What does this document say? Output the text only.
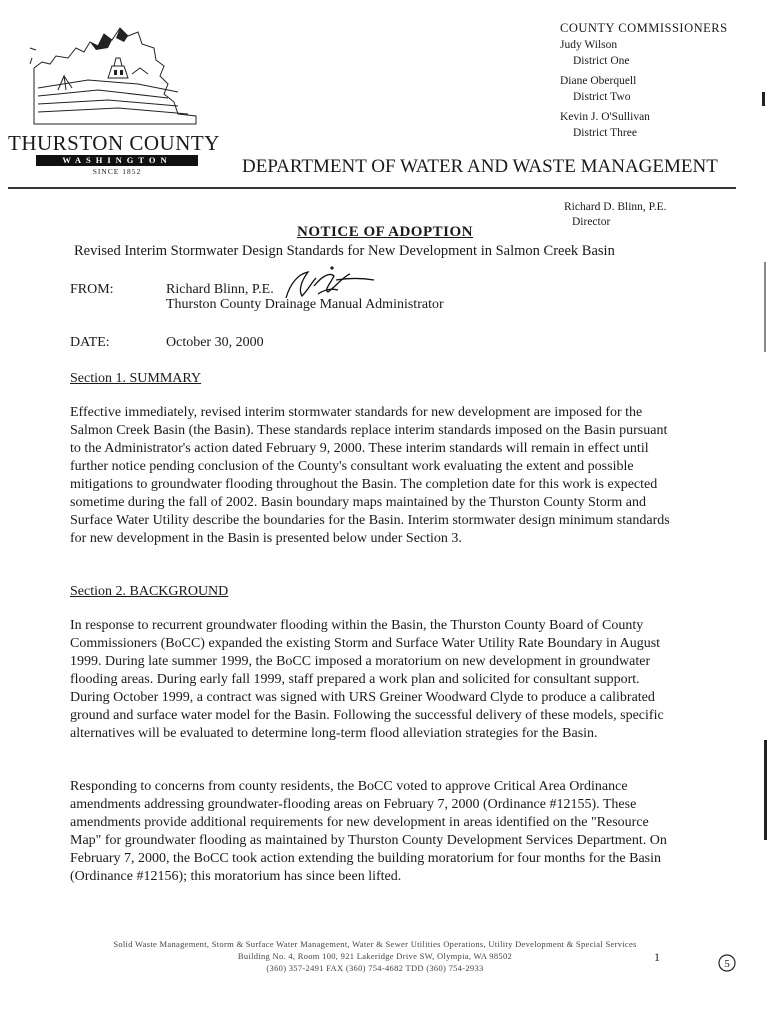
THURSTON COUNTY
WASHINGTON
SINCE 1852
COUNTY COMMISSIONERS
Judy Wilson
District One
Diane Oberquell
District Two
Kevin J. O'Sullivan
District Three
DEPARTMENT OF WATER AND WASTE MANAGEMENT
Richard D. Blinn, P.E.
Director
NOTICE OF ADOPTION
Revised Interim Stormwater Design Standards for New Development in Salmon Creek Basin
FROM:	Richard Blinn, P.E.
Thurston County Drainage Manual Administrator
DATE:	October 30, 2000
Section 1. SUMMARY
Effective immediately, revised interim stormwater standards for new development are imposed for the Salmon Creek Basin (the Basin). These standards replace interim standards imposed on the Basin pursuant to the Administrator's action dated February 9, 2000. These interim standards will remain in effect until further notice pending conclusion of the County's consultant work evaluating the extent and possible mitigations to groundwater flooding throughout the Basin. The completion date for this work is expected sometime during the fall of 2002. Basin boundary maps maintained by the Thurston County Storm and Surface Water Utility describe the boundaries for the Basin. Interim stormwater design minimum standards for new development in the Basin is presented below under Section 3.
Section 2. BACKGROUND
In response to recurrent groundwater flooding within the Basin, the Thurston County Board of County Commissioners (BoCC) expanded the existing Storm and Surface Water Utility Rate Boundary in August 1999. During late summer 1999, the BoCC imposed a moratorium on new development in groundwater flooding areas. During early fall 1999, staff prepared a work plan and solicited for consultant support. During October 1999, a contract was signed with URS Greiner Woodward Clyde to produce a calibrated ground and surface water model for the Basin. Following the successful delivery of these models, specific alternatives will be evaluated to determine long-term flood alleviation strategies for the Basin.
Responding to concerns from county residents, the BoCC voted to approve Critical Area Ordinance amendments addressing groundwater-flooding areas on February 7, 2000 (Ordinance #12155). These amendments provide additional requirements for new development in areas identified on the "Resource Map" for groundwater flooding as maintained by Thurston County Development Services Department. On February 7, 2000, the BoCC took action extending the building moratorium for four months for the Basin (Ordinance #12156); this moratorium has since been lifted.
Solid Waste Management, Storm & Surface Water Management, Water & Sewer Utilities Operations, Utility Development & Special Services
Building No. 4, Room 100, 921 Lakeridge Drive SW, Olympia, WA 98502
(360) 357-2491 FAX (360) 754-4682 TDD (360) 754-2933
1	5
